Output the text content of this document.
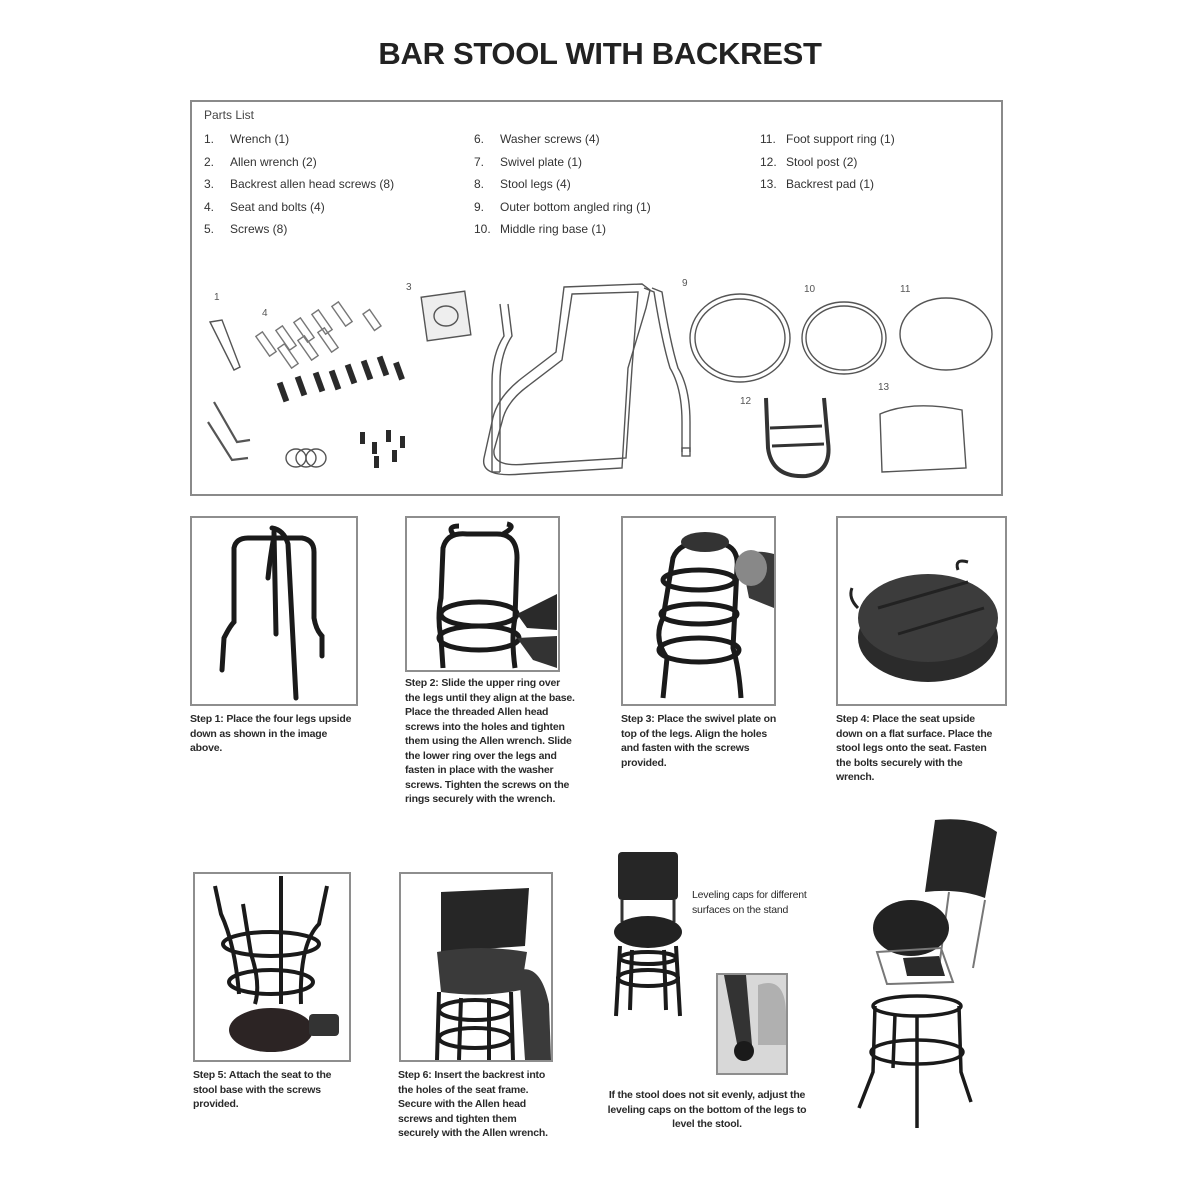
BAR STOOL WITH BACKREST
Parts List
1. Wrench (1)
2. Allen wrench (2)
3. Backrest allen head screws (8)
4. Seat and bolts (4)
5. Screws (8)
6. Washer screws (4)
7. Swivel plate (1)
8. Stool legs (4)
9. Outer bottom angled ring (1)
10. Middle ring base (1)
11. Foot support ring (1)
12. Stool post (2)
13. Backrest pad (1)
1
4
3	9
10	11
12
13
Step 1: Place the four legs upside down as shown in the image above.
Step 2: Slide the upper ring over the legs until they align at the base. Place the threaded Allen head screws into the holes and tighten them using the Allen wrench. Slide the lower ring over the legs and fasten in place with the washer screws. Tighten the screws on the rings securely with the wrench.
Step 3: Place the swivel plate on top of the legs. Align the holes and fasten with the screws provided.
Step 4: Place the seat upside down on a flat surface. Place the stool legs onto the seat. Fasten the bolts securely with the wrench.
Leveling caps for different surfaces on the stand
Step 5: Attach the seat to the stool base with the screws provided.
Step 6: Insert the backrest into the holes of the seat frame. Secure with the Allen head screws and tighten them securely with the Allen wrench.
If the stool does not sit evenly, adjust the leveling caps on the bottom of the legs to level the stool.
